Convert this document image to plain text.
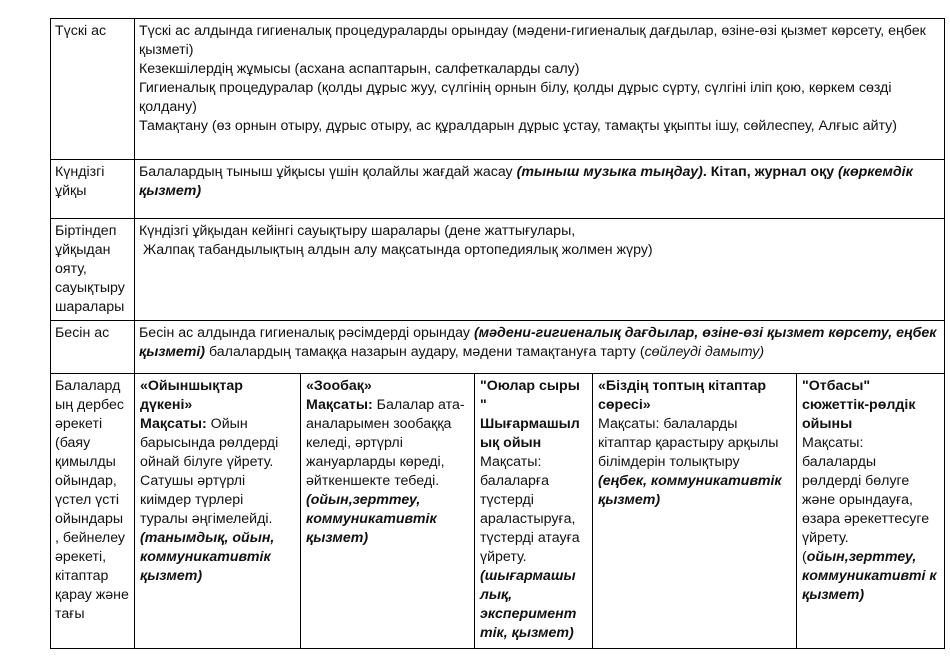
Түскі ас	Түскі ас алдында гигиеналық процедураларды орындау (мәдени-гигиеналық дағдылар, өзіне-өзі қызмет көрсету, еңбек қызметі)
Кезекшілердің жұмысы (асхана аспаптарын, салфеткаларды салу)
Гигиеналық процедуралар (қолды дұрыс жуу, сүлгінің орнын білу, қолды дұрыс сүрту, сүлгіні іліп қою, көркем сөзді қолдану)
Тамақтану (өз орнын отыру, дұрыс отыру, ас құралдарын дұрыс ұстау, тамақты ұқыпты ішу, сөйлеспеу, Алғыс айту)				

Күндізгі ұйқы	Балалардың тыныш ұйқысы үшін қолайлы жағдай жасау (тыныш музыка тыңдау). Кітап, журнал оқу (көркемдік қызмет)				
Біртіндеп ұйқыдан ояту, сауықтыру шаралары	Күндізгі ұйқыдан кейінгі сауықтыру шаралары (дене жаттығулары,
Жалпақ табандылықтың алдын алу мақсатында ортопедиялық жолмен жүру)				

Бесін ас	Бесін ас алдында гигиеналық рәсімдерді орындау (мәдени-гигиеналық дағдылар, өзіне-өзі қызмет көрсету, еңбек қызметі) балалардың тамаққа назарын аудару, мәдени тамақтануға тарту (сөйлеуді дамыту)				
Балалард ың дербес әрекеті (баяу қимылды ойындар, үстел үсті ойындары , бейнелеу әрекеті, кітаптар қарау және тағы	«Ойыншықтар дүкені»
Мақсаты: Ойын барысында рөлдерді ойнай білуге үйрету. Сатушы әртүрлі киімдер түрлері туралы әңгімелейді.
(танымдық, ойын, коммуникативтік қызмет)	«Зообақ»
Мақсаты: Балалар ата-аналарымен зообаққа келеді, әртүрлі жануарларды көреді, әйткеншекте тебеді.
(ойын,зерттеу, коммуникативтік қызмет)	"Оюлар сыры " Шығармашыл ық ойын
Мақсаты: балаларға түстерді араластыруға, түстерді атауға үйрету.
(шығармашы лық, эксперимент тік, қызмет)	«Біздің топтың кітаптар сөресі»
Мақсаты: балаларды кітаптар қарастыру арқылы білімдерін толықтыру
(еңбек, коммуникативтік қызмет)	"Отбасы" сюжеттік-рөлдік ойыны
Мақсаты: балаларды рөлдерді бөлуге және орындауға, өзара әрекеттесуге үйрету.
(ойын,зерттеу, коммуникативті к қызмет)
